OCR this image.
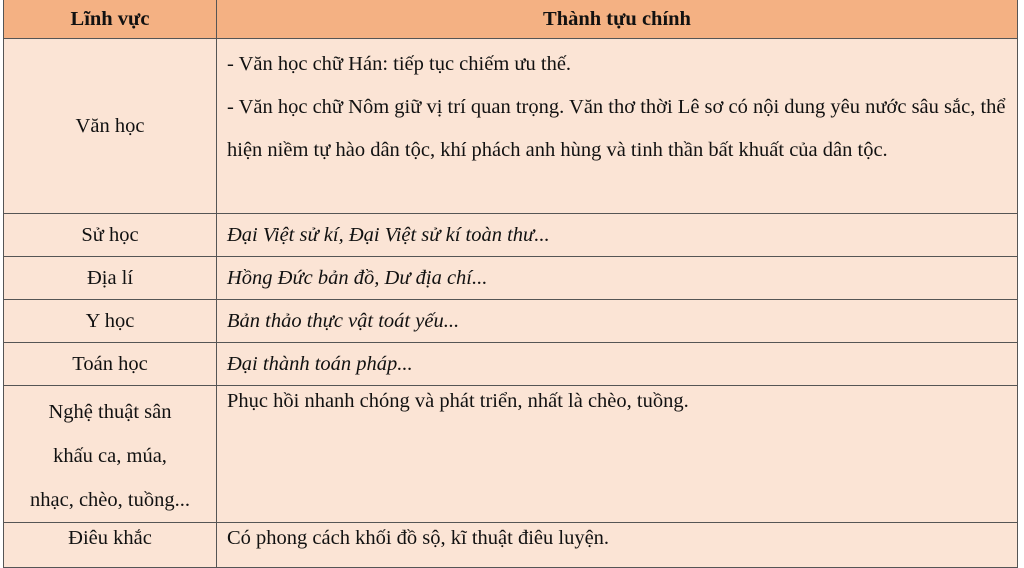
Lĩnh vực	Thành tựu chính
Văn học	- Văn học chữ Hán: tiếp tục chiếm ưu thế.
- Văn học chữ Nôm giữ vị trí quan trọng. Văn thơ thời Lê sơ có nội dung yêu nước sâu sắc, thể hiện niềm tự hào dân tộc, khí phách anh hùng và tinh thần bất khuất của dân tộc.

Sử học	Đại Việt sử kí, Đại Việt sử kí toàn thư...
Địa lí	Hồng Đức bản đồ, Dư địa chí...
Y học	Bản thảo thực vật toát yếu...
Toán học	Đại thành toán pháp...

Nghệ thuật sân
khấu ca, múa,
nhạc, chèo, tuồng...	Phục hồi nhanh chóng và phát triển, nhất là chèo, tuồng.
Điêu khắc	Có phong cách khối đồ sộ, kĩ thuật điêu luyện.
